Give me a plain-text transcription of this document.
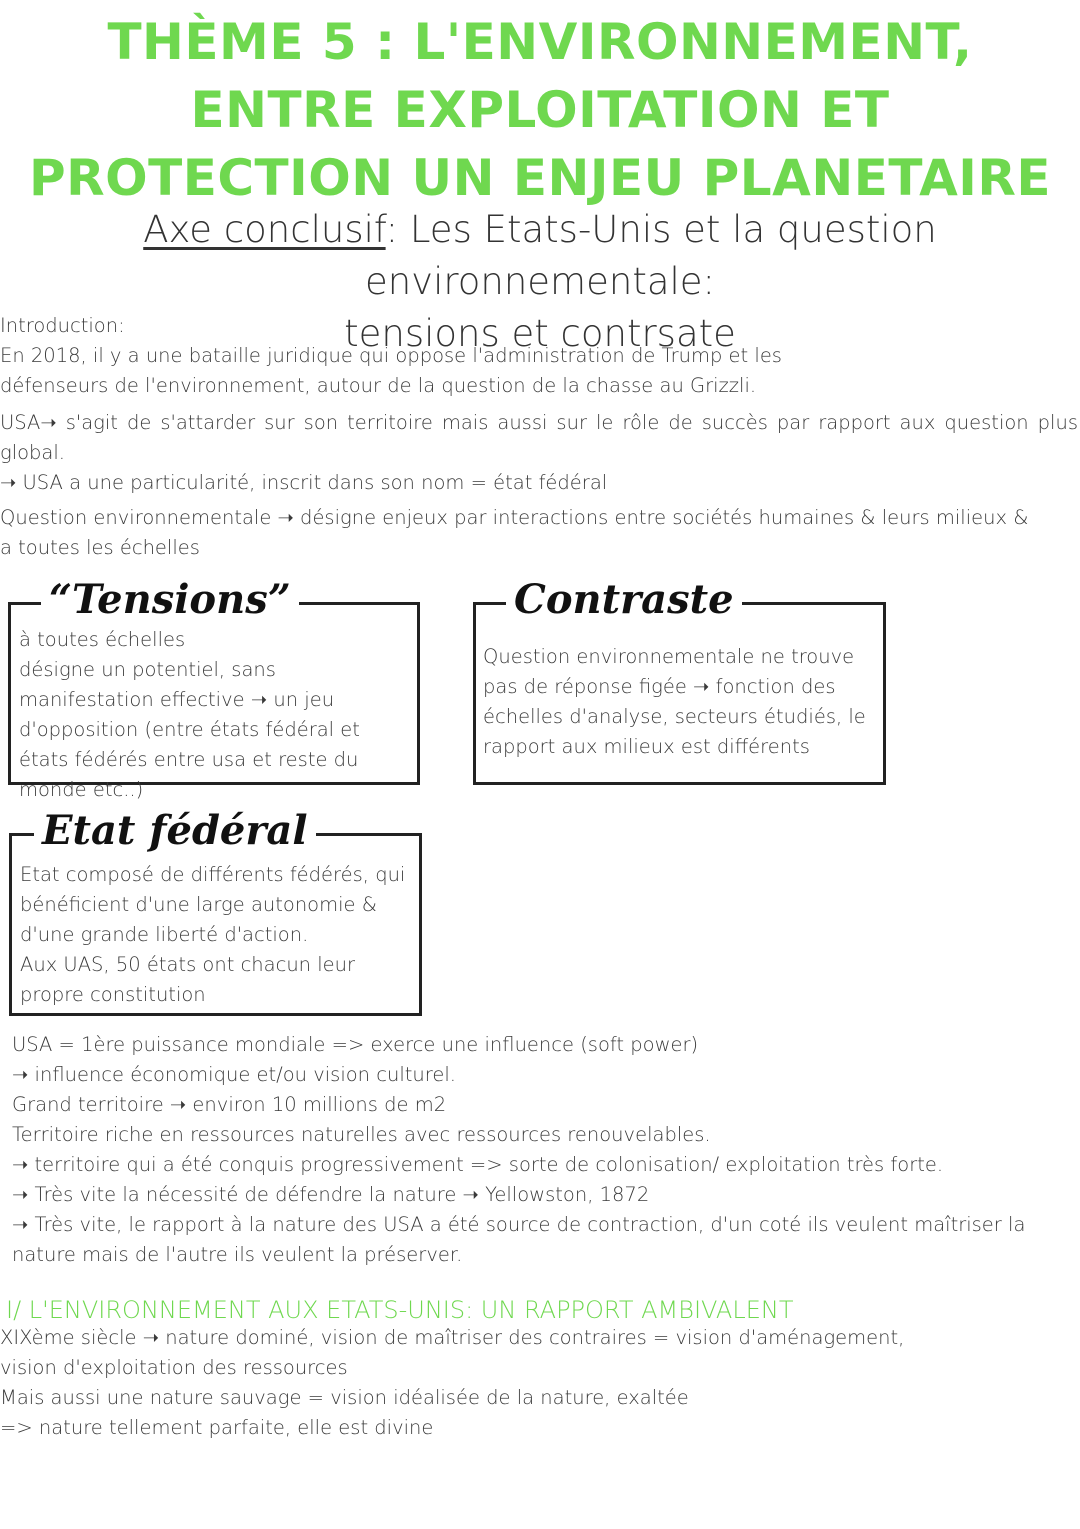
THÈME 5 : L'ENVIRONNEMENT, ENTRE EXPLOITATION ET PROTECTION UN ENJEU PLANETAIRE
Axe conclusif: Les Etats-Unis et la question environnementale:
tensions et contrsate

Introduction:

En 2018, il y a une bataille juridique qui oppose l'administration de Trump et les défenseurs de l'environnement, autour de la question de la chasse au Grizzli.

USA➝ s'agit de s'attarder sur son territoire mais aussi sur le rôle de succès par rapport aux question plus global.

➝ USA a une particularité, inscrit dans son nom = état fédéral

Question environnementale ➝ désigne enjeux par interactions entre sociétés humaines & leurs milieux & a toutes les échelles

“Tensions”
à toutes échelles
désigne un potentiel, sans manifestation effective ➝ un jeu d'opposition (entre états fédéral et états fédérés entre usa et reste du monde etc..)
Contraste
Question environnementale ne trouve pas de réponse figée ➝ fonction des échelles d'analyse, secteurs étudiés, le rapport aux milieux est différents
Etat fédéral
Etat composé de différents fédérés, qui bénéficient d'une large autonomie & d'une grande liberté d'action.
Aux UAS, 50 états ont chacun leur propre constitution
USA = 1ère puissance mondiale => exerce une influence (soft power)
➝ influence économique et/ou vision culturel.
Grand territoire ➝ environ 10 millions de m2
Territoire riche en ressources naturelles avec ressources renouvelables.
➝ territoire qui a été conquis progressivement => sorte de colonisation/ exploitation très forte.
➝ Très vite la nécessité de défendre la nature ➝ Yellowston, 1872
➝ Très vite, le rapport à la nature des USA a été source de contraction, d'un coté ils veulent maîtriser la nature mais de l'autre ils veulent la préserver.
I/ L'ENVIRONNEMENT AUX ETATS-UNIS: UN RAPPORT AMBIVALENT

XIXème siècle ➝ nature dominé, vision de maîtriser des contraires = vision d'aménagement, vision d'exploitation des ressources

Mais aussi une nature sauvage = vision idéalisée de la nature, exaltée

=> nature tellement parfaite, elle est divine
